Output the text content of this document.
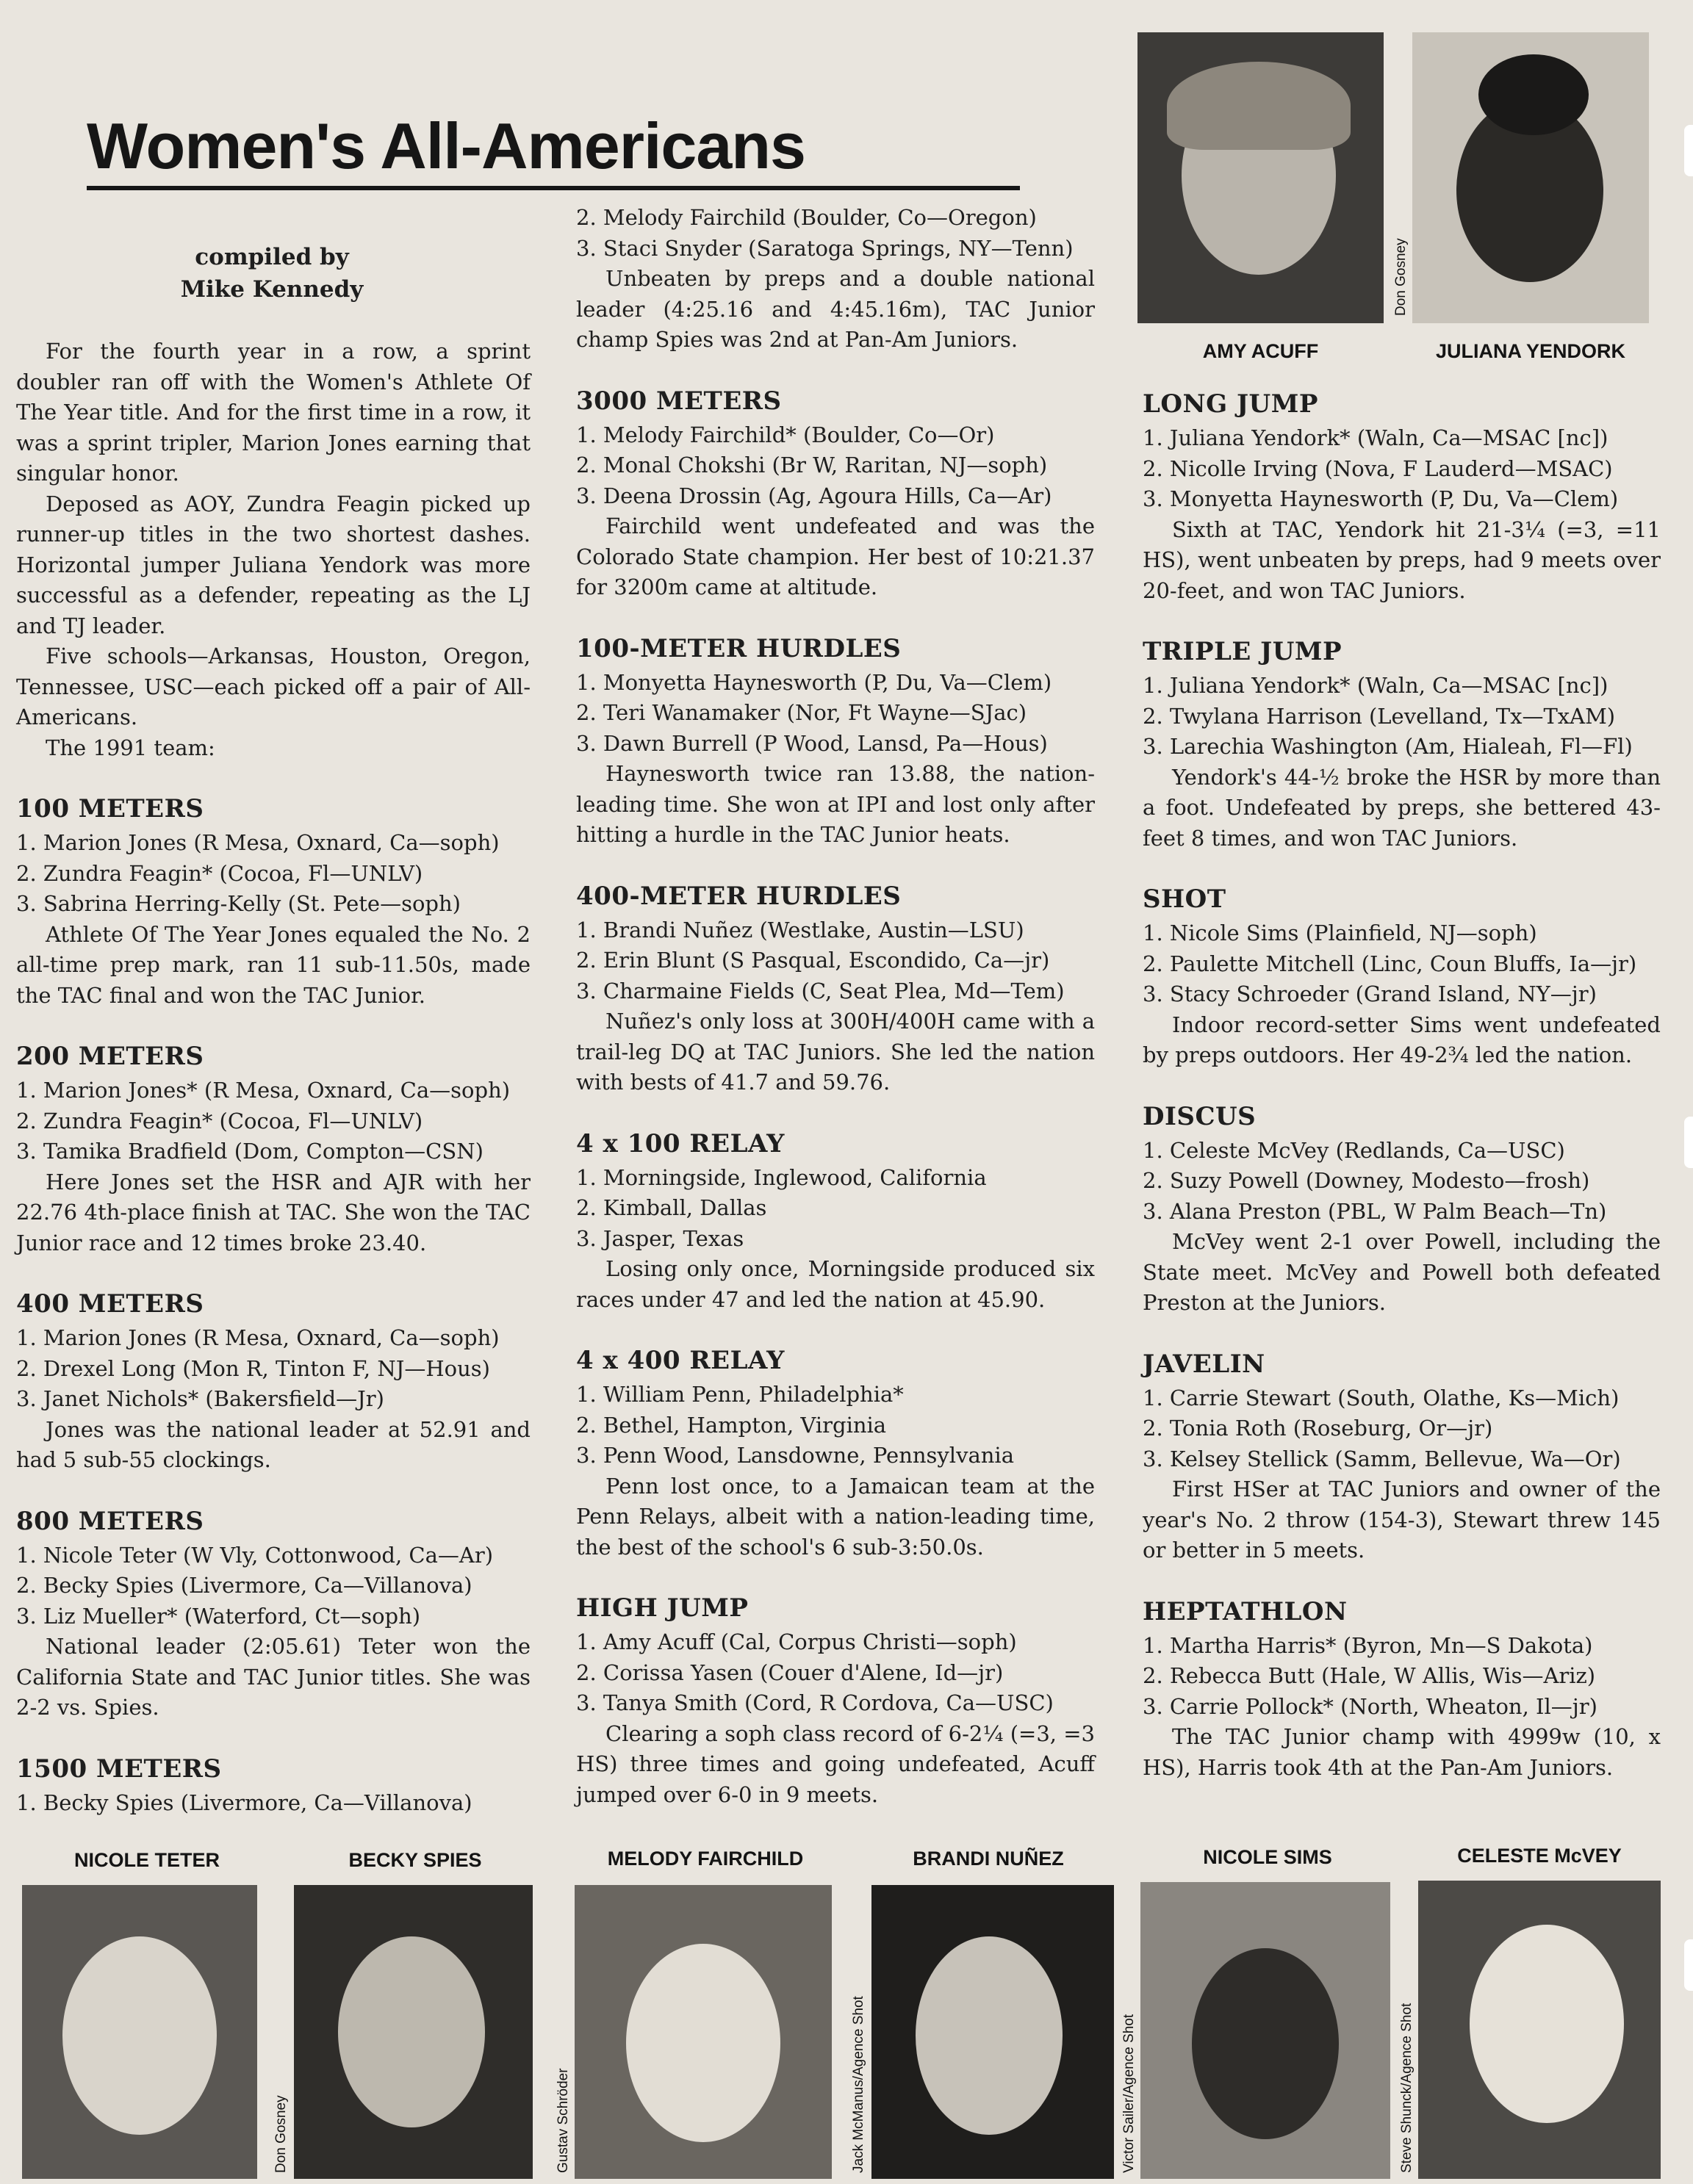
Women's All-Americans
compiled by
Mike Kennedy

For the fourth year in a row, a sprint doubler ran off with the Women's Athlete Of The Year title. And for the first time in a row, it was a sprint tripler, Marion Jones earning that singular honor.

Deposed as AOY, Zundra Feagin picked up runner-up titles in the two shortest dashes. Horizontal jumper Juliana Yendork was more successful as a defender, repeating as the LJ and TJ leader.

Five schools—Arkansas, Houston, Oregon, Tennessee, USC—each picked off a pair of All-Americans.

The 1991 team:

100 METERS
1. Marion Jones (R Mesa, Oxnard, Ca—soph)
2. Zundra Feagin* (Cocoa, Fl—UNLV)
3. Sabrina Herring-Kelly (St. Pete—soph)

Athlete Of The Year Jones equaled the No. 2 all-time prep mark, ran 11 sub-11.50s, made the TAC final and won the TAC Junior.

200 METERS
1. Marion Jones* (R Mesa, Oxnard, Ca—soph)
2. Zundra Feagin* (Cocoa, Fl—UNLV)
3. Tamika Bradfield (Dom, Compton—CSN)

Here Jones set the HSR and AJR with her 22.76 4th-place finish at TAC. She won the TAC Junior race and 12 times broke 23.40.

400 METERS
1. Marion Jones (R Mesa, Oxnard, Ca—soph)
2. Drexel Long (Mon R, Tinton F, NJ—Hous)
3. Janet Nichols* (Bakersfield—Jr)

Jones was the national leader at 52.91 and had 5 sub-55 clockings.

800 METERS
1. Nicole Teter (W Vly, Cottonwood, Ca—Ar)
2. Becky Spies (Livermore, Ca—Villanova)
3. Liz Mueller* (Waterford, Ct—soph)

National leader (2:05.61) Teter won the California State and TAC Junior titles. She was 2-2 vs. Spies.

1500 METERS
1. Becky Spies (Livermore, Ca—Villanova)
2. Melody Fairchild (Boulder, Co—Oregon)
3. Staci Snyder (Saratoga Springs, NY—Tenn)

Unbeaten by preps and a double national leader (4:25.16 and 4:45.16m), TAC Junior champ Spies was 2nd at Pan-Am Juniors.

3000 METERS
1. Melody Fairchild* (Boulder, Co—Or)
2. Monal Chokshi (Br W, Raritan, NJ—soph)
3. Deena Drossin (Ag, Agoura Hills, Ca—Ar)

Fairchild went undefeated and was the Colorado State champion. Her best of 10:21.37 for 3200m came at altitude.

100-METER HURDLES
1. Monyetta Haynesworth (P, Du, Va—Clem)
2. Teri Wanamaker (Nor, Ft Wayne—SJac)
3. Dawn Burrell (P Wood, Lansd, Pa—Hous)

Haynesworth twice ran 13.88, the nation-leading time. She won at IPI and lost only after hitting a hurdle in the TAC Junior heats.

400-METER HURDLES
1. Brandi Nuñez (Westlake, Austin—LSU)
2. Erin Blunt (S Pasqual, Escondido, Ca—jr)
3. Charmaine Fields (C, Seat Plea, Md—Tem)

Nuñez's only loss at 300H/400H came with a trail-leg DQ at TAC Juniors. She led the nation with bests of 41.7 and 59.76.

4 x 100 RELAY
1. Morningside, Inglewood, California
2. Kimball, Dallas
3. Jasper, Texas

Losing only once, Morningside produced six races under 47 and led the nation at 45.90.

4 x 400 RELAY
1. William Penn, Philadelphia*
2. Bethel, Hampton, Virginia
3. Penn Wood, Lansdowne, Pennsylvania

Penn lost once, to a Jamaican team at the Penn Relays, albeit with a nation-leading time, the best of the school's 6 sub-3:50.0s.

HIGH JUMP
1. Amy Acuff (Cal, Corpus Christi—soph)
2. Corissa Yasen (Couer d'Alene, Id—jr)
3. Tanya Smith (Cord, R Cordova, Ca—USC)

Clearing a soph class record of 6-2¼ (=3, =3 HS) three times and going undefeated, Acuff jumped over 6-0 in 9 meets.

LONG JUMP
1. Juliana Yendork* (Waln, Ca—MSAC [nc])
2. Nicolle Irving (Nova, F Lauderd—MSAC)
3. Monyetta Haynesworth (P, Du, Va—Clem)

Sixth at TAC, Yendork hit 21-3¼ (=3, =11 HS), went unbeaten by preps, had 9 meets over 20-feet, and won TAC Juniors.

TRIPLE JUMP
1. Juliana Yendork* (Waln, Ca—MSAC [nc])
2. Twylana Harrison (Levelland, Tx—TxAM)
3. Larechia Washington (Am, Hialeah, Fl—Fl)

Yendork's 44-½ broke the HSR by more than a foot. Undefeated by preps, she bettered 43-feet 8 times, and won TAC Juniors.

SHOT
1. Nicole Sims (Plainfield, NJ—soph)
2. Paulette Mitchell (Linc, Coun Bluffs, Ia—jr)
3. Stacy Schroeder (Grand Island, NY—jr)

Indoor record-setter Sims went undefeated by preps outdoors. Her 49-2¾ led the nation.

DISCUS
1. Celeste McVey (Redlands, Ca—USC)
2. Suzy Powell (Downey, Modesto—frosh)
3. Alana Preston (PBL, W Palm Beach—Tn)

McVey went 2-1 over Powell, including the State meet. McVey and Powell both defeated Preston at the Juniors.

JAVELIN
1. Carrie Stewart (South, Olathe, Ks—Mich)
2. Tonia Roth (Roseburg, Or—jr)
3. Kelsey Stellick (Samm, Bellevue, Wa—Or)

First HSer at TAC Juniors and owner of the year's No. 2 throw (154-3), Stewart threw 145 or better in 5 meets.

HEPTATHLON
1. Martha Harris* (Byron, Mn—S Dakota)
2. Rebecca Butt (Hale, W Allis, Wis—Ariz)
3. Carrie Pollock* (North, Wheaton, Il—jr)

The TAC Junior champ with 4999w (10, x HS), Harris took 4th at the Pan-Am Juniors.

Don Gosney
AMY ACUFF	JULIANA YENDORK
NICOLE TETER	BECKY SPIES	MELODY FAIRCHILD	BRANDI NUÑEZ	NICOLE SIMS	CELESTE McVEY
Don Gosney	Gustav Schröder	Jack McManus/Agence Shot	Victor Sailer/Agence Shot	Steve Shunck/Agence Shot
